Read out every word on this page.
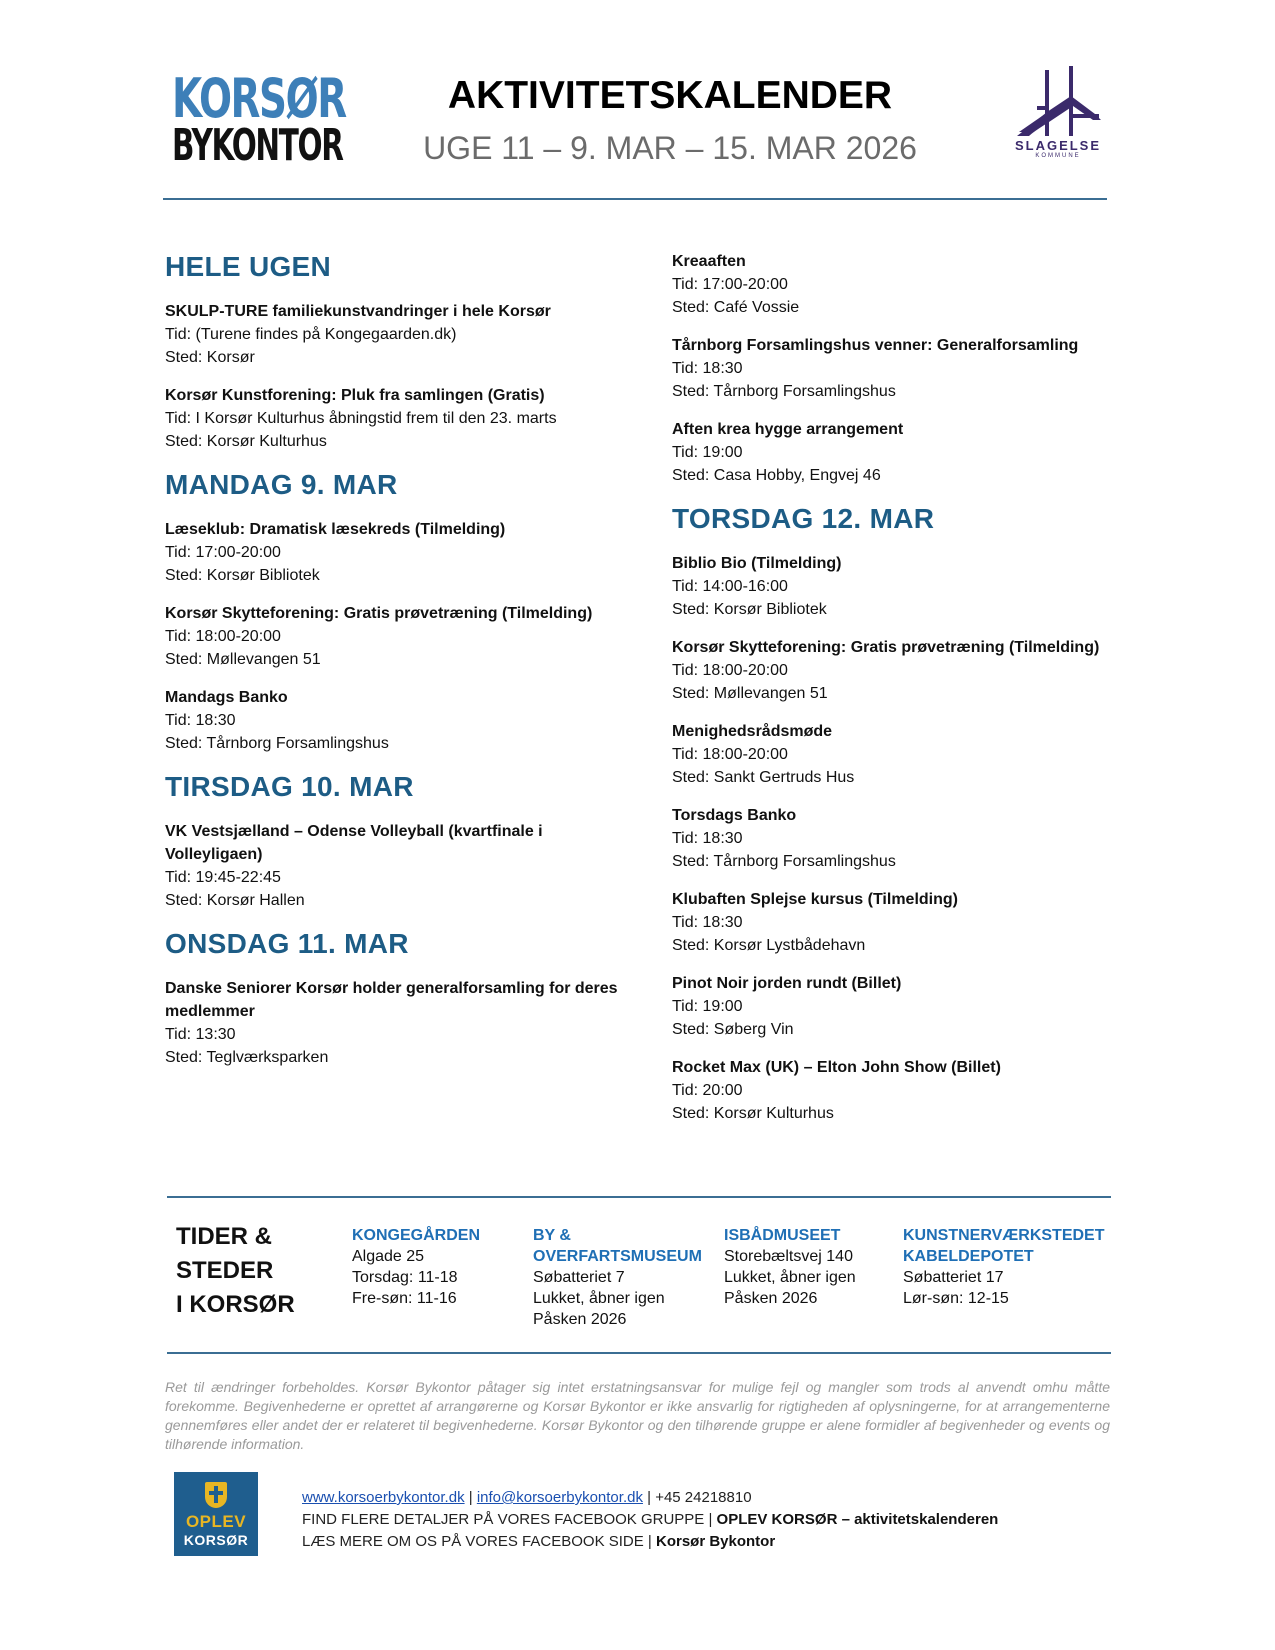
KORSØR
BYKONTOR
AKTIVITETSKALENDER
UGE 11 – 9. MAR – 15. MAR 2026	SLAGELSE
KOMMUNE
HELE UGEN
SKULP-TURE familiekunstvandringer i hele Korsør
Tid: (Turene findes på Kongegaarden.dk)
Sted: Korsør
Korsør Kunstforening: Pluk fra samlingen (Gratis)
Tid: I Korsør Kulturhus åbningstid frem til den 23. marts
Sted: Korsør Kulturhus
MANDAG 9. MAR
Læseklub: Dramatisk læsekreds (Tilmelding)
Tid: 17:00-20:00
Sted: Korsør Bibliotek
Korsør Skytteforening: Gratis prøvetræning (Tilmelding)
Tid: 18:00-20:00
Sted: Møllevangen 51
Mandags Banko
Tid: 18:30
Sted: Tårnborg Forsamlingshus
TIRSDAG 10. MAR
VK Vestsjælland – Odense Volleyball (kvartfinale i Volleyligaen)
Tid: 19:45-22:45
Sted: Korsør Hallen
ONSDAG 11. MAR
Danske Seniorer Korsør holder generalforsamling for deres medlemmer
Tid: 13:30
Sted: Teglværksparken
Kreaaften
Tid: 17:00-20:00
Sted: Café Vossie
Tårnborg Forsamlingshus venner: Generalforsamling
Tid: 18:30
Sted: Tårnborg Forsamlingshus
Aften krea hygge arrangement
Tid: 19:00
Sted: Casa Hobby, Engvej 46
TORSDAG 12. MAR
Biblio Bio (Tilmelding)
Tid: 14:00-16:00
Sted: Korsør Bibliotek
Korsør Skytteforening: Gratis prøvetræning (Tilmelding)
Tid: 18:00-20:00
Sted: Møllevangen 51
Menighedsrådsmøde
Tid: 18:00-20:00
Sted: Sankt Gertruds Hus
Torsdags Banko
Tid: 18:30
Sted: Tårnborg Forsamlingshus
Klubaften Splejse kursus (Tilmelding)
Tid: 18:30
Sted: Korsør Lystbådehavn
Pinot Noir jorden rundt (Billet)
Tid: 19:00
Sted: Søberg Vin
Rocket Max (UK) – Elton John Show (Billet)
Tid: 20:00
Sted: Korsør Kulturhus
TIDER &
STEDER
I KORSØR
KONGEGÅRDEN
Algade 25
Torsdag: 11-18
Fre-søn: 11-16
BY & OVERFARTSMUSEUM
Søbatteriet 7
Lukket, åbner igen
Påsken 2026
ISBÅDMUSEET
Storebæltsvej 140
Lukket, åbner igen
Påsken 2026
KUNSTNERVÆRKSTEDET KABELDEPOTET
Søbatteriet 17
Lør-søn: 12-15
Ret til ændringer forbeholdes. Korsør Bykontor påtager sig intet erstatningsansvar for mulige fejl og mangler som trods al anvendt omhu måtte forekomme. Begivenhederne er oprettet af arrangørerne og Korsør Bykontor er ikke ansvarlig for rigtigheden af oplysningerne, for at arrangementerne gennemføres eller andet der er relateret til begivenhederne. Korsør Bykontor og den tilhørende gruppe er alene formidler af begivenheder og events og tilhørende information.
OPLEV
KORSØR
www.korsoerbykontor.dk | info@korsoerbykontor.dk | +45 24218810
FIND FLERE DETALJER PÅ VORES FACEBOOK GRUPPE | OPLEV KORSØR – aktivitetskalenderen
LÆS MERE OM OS PÅ VORES FACEBOOK SIDE | Korsør Bykontor
